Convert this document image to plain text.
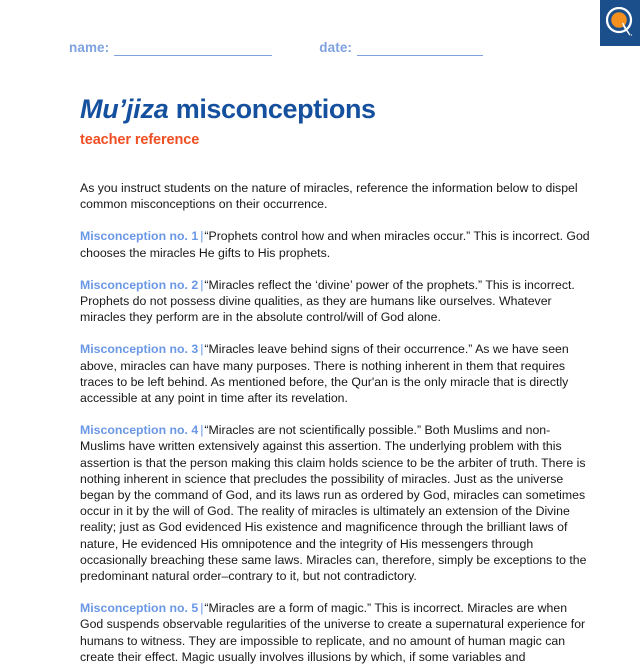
name:	date:
Mu’jiza misconceptions
teacher reference

As you instruct students on the nature of miracles, reference the information below to dispel common misconceptions on their occurrence.

Misconception no. 1 |“Prophets control how and when miracles occur.” This is incorrect. God chooses the miracles He gifts to His prophets.

Misconception no. 2 |“Miracles reflect the ‘divine’ power of the prophets.” This is incorrect. Prophets do not possess divine qualities, as they are humans like ourselves. Whatever miracles they perform are in the absolute control/will of God alone.

Misconception no. 3 |“Miracles leave behind signs of their occurrence.” As we have seen above, miracles can have many purposes. There is nothing inherent in them that requires traces to be left behind. As mentioned before, the Qur'an is the only miracle that is directly accessible at any point in time after its revelation.

Misconception no. 4 |“Miracles are not scientifically possible.” Both Muslims and non-Muslims have written extensively against this assertion. The underlying problem with this assertion is that the person making this claim holds science to be the arbiter of truth. There is nothing inherent in science that precludes the possibility of miracles. Just as the universe began by the command of God, and its laws run as ordered by God, miracles can sometimes occur in it by the will of God. The reality of miracles is ultimately an extension of the Divine reality; just as God evidenced His existence and magnificence through the brilliant laws of nature, He evidenced His omnipotence and the integrity of His messengers through occasionally breaching these same laws. Miracles can, therefore, simply be exceptions to the predominant natural order–contrary to it, but not contradictory.

Misconception no. 5 |“Miracles are a form of magic.” This is incorrect. Miracles are when God suspends observable regularities of the universe to create a supernatural experience for humans to witness. They are impossible to replicate, and no amount of human magic can create their effect. Magic usually involves illusions by which, if some variables and
